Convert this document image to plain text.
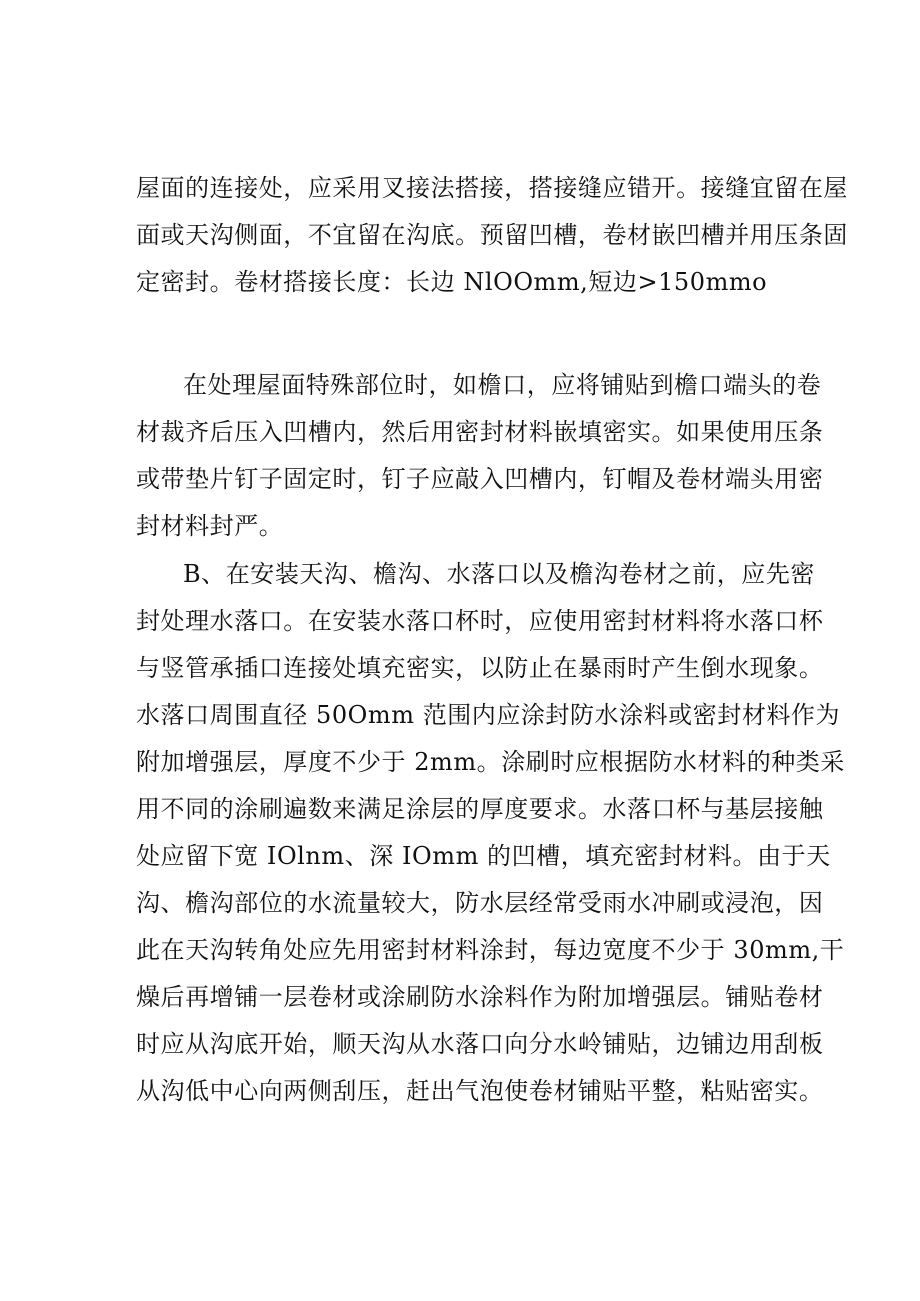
屋面的连接处，应采用叉接法搭接，搭接缝应错开。接缝宜留在屋
面或天沟侧面，不宜留在沟底。预留凹槽，卷材嵌凹槽并用压条固
定密封。卷材搭接长度：长边 NlOOmm,短边>150mmo
在处理屋面特殊部位时，如檐口，应将铺贴到檐口端头的卷
材裁齐后压入凹槽内，然后用密封材料嵌填密实。如果使用压条
或带垫片钉子固定时，钉子应敲入凹槽内，钉帽及卷材端头用密
封材料封严。
B、在安装天沟、檐沟、水落口以及檐沟卷材之前，应先密
封处理水落口。在安装水落口杯时，应使用密封材料将水落口杯
与竖管承插口连接处填充密实，以防止在暴雨时产生倒水现象。
水落口周围直径 50Omm 范围内应涂封防水涂料或密封材料作为
附加增强层，厚度不少于 2mm。涂刷时应根据防水材料的种类采
用不同的涂刷遍数来满足涂层的厚度要求。水落口杯与基层接触
处应留下宽 IOlnm、深 IOmm 的凹槽，填充密封材料。由于天
沟、檐沟部位的水流量较大，防水层经常受雨水冲刷或浸泡，因
此在天沟转角处应先用密封材料涂封，每边宽度不少于 30mm,干
燥后再增铺一层卷材或涂刷防水涂料作为附加增强层。铺贴卷材
时应从沟底开始，顺天沟从水落口向分水岭铺贴，边铺边用刮板
从沟低中心向两侧刮压，赶出气泡使卷材铺贴平整，粘贴密实。
